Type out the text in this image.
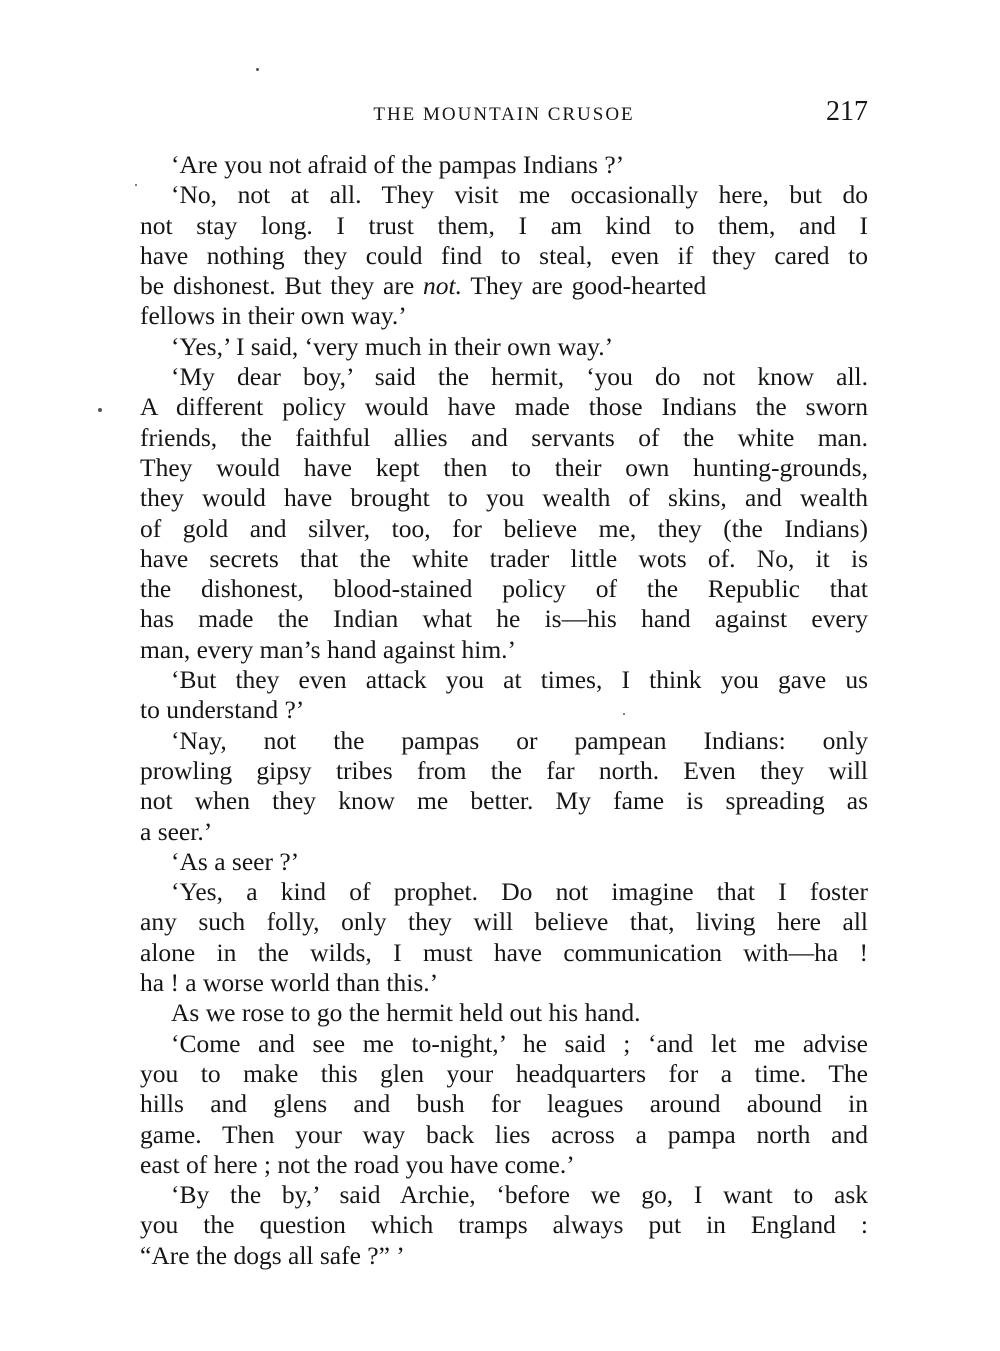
THE MOUNTAIN CRUSOE	217
‘Are you not afraid of the pampas Indians ?’
‘No, not at all. They visit me occasionally here, but do
not stay long. I trust them, I am kind to them, and I
have nothing they could find to steal, even if they cared to
be dishonest. But they are not. They are good-hearted
fellows in their own way.’
‘Yes,’ I said, ‘very much in their own way.’
‘My dear boy,’ said the hermit, ‘you do not know all.
A different policy would have made those Indians the sworn
friends, the faithful allies and servants of the white man.
They would have kept then to their own hunting-grounds,
they would have brought to you wealth of skins, and wealth
of gold and silver, too, for believe me, they (the Indians)
have secrets that the white trader little wots of. No, it is
the dishonest, blood-stained policy of the Republic that
has made the Indian what he is—his hand against every
man, every man’s hand against him.’
‘But they even attack you at times, I think you gave us
to understand ?’
‘Nay, not the pampas or pampean Indians: only
prowling gipsy tribes from the far north. Even they will
not when they know me better. My fame is spreading as
a seer.’
‘As a seer ?’
‘Yes, a kind of prophet. Do not imagine that I foster
any such folly, only they will believe that, living here all
alone in the wilds, I must have communication with—ha !
ha ! a worse world than this.’
As we rose to go the hermit held out his hand.
‘Come and see me to-night,’ he said ; ‘and let me advise
you to make this glen your headquarters for a time. The
hills and glens and bush for leagues around abound in
game. Then your way back lies across a pampa north and
east of here ; not the road you have come.’
‘By the by,’ said Archie, ‘before we go, I want to ask
you the question which tramps always put in England :
“Are the dogs all safe ?” ’
